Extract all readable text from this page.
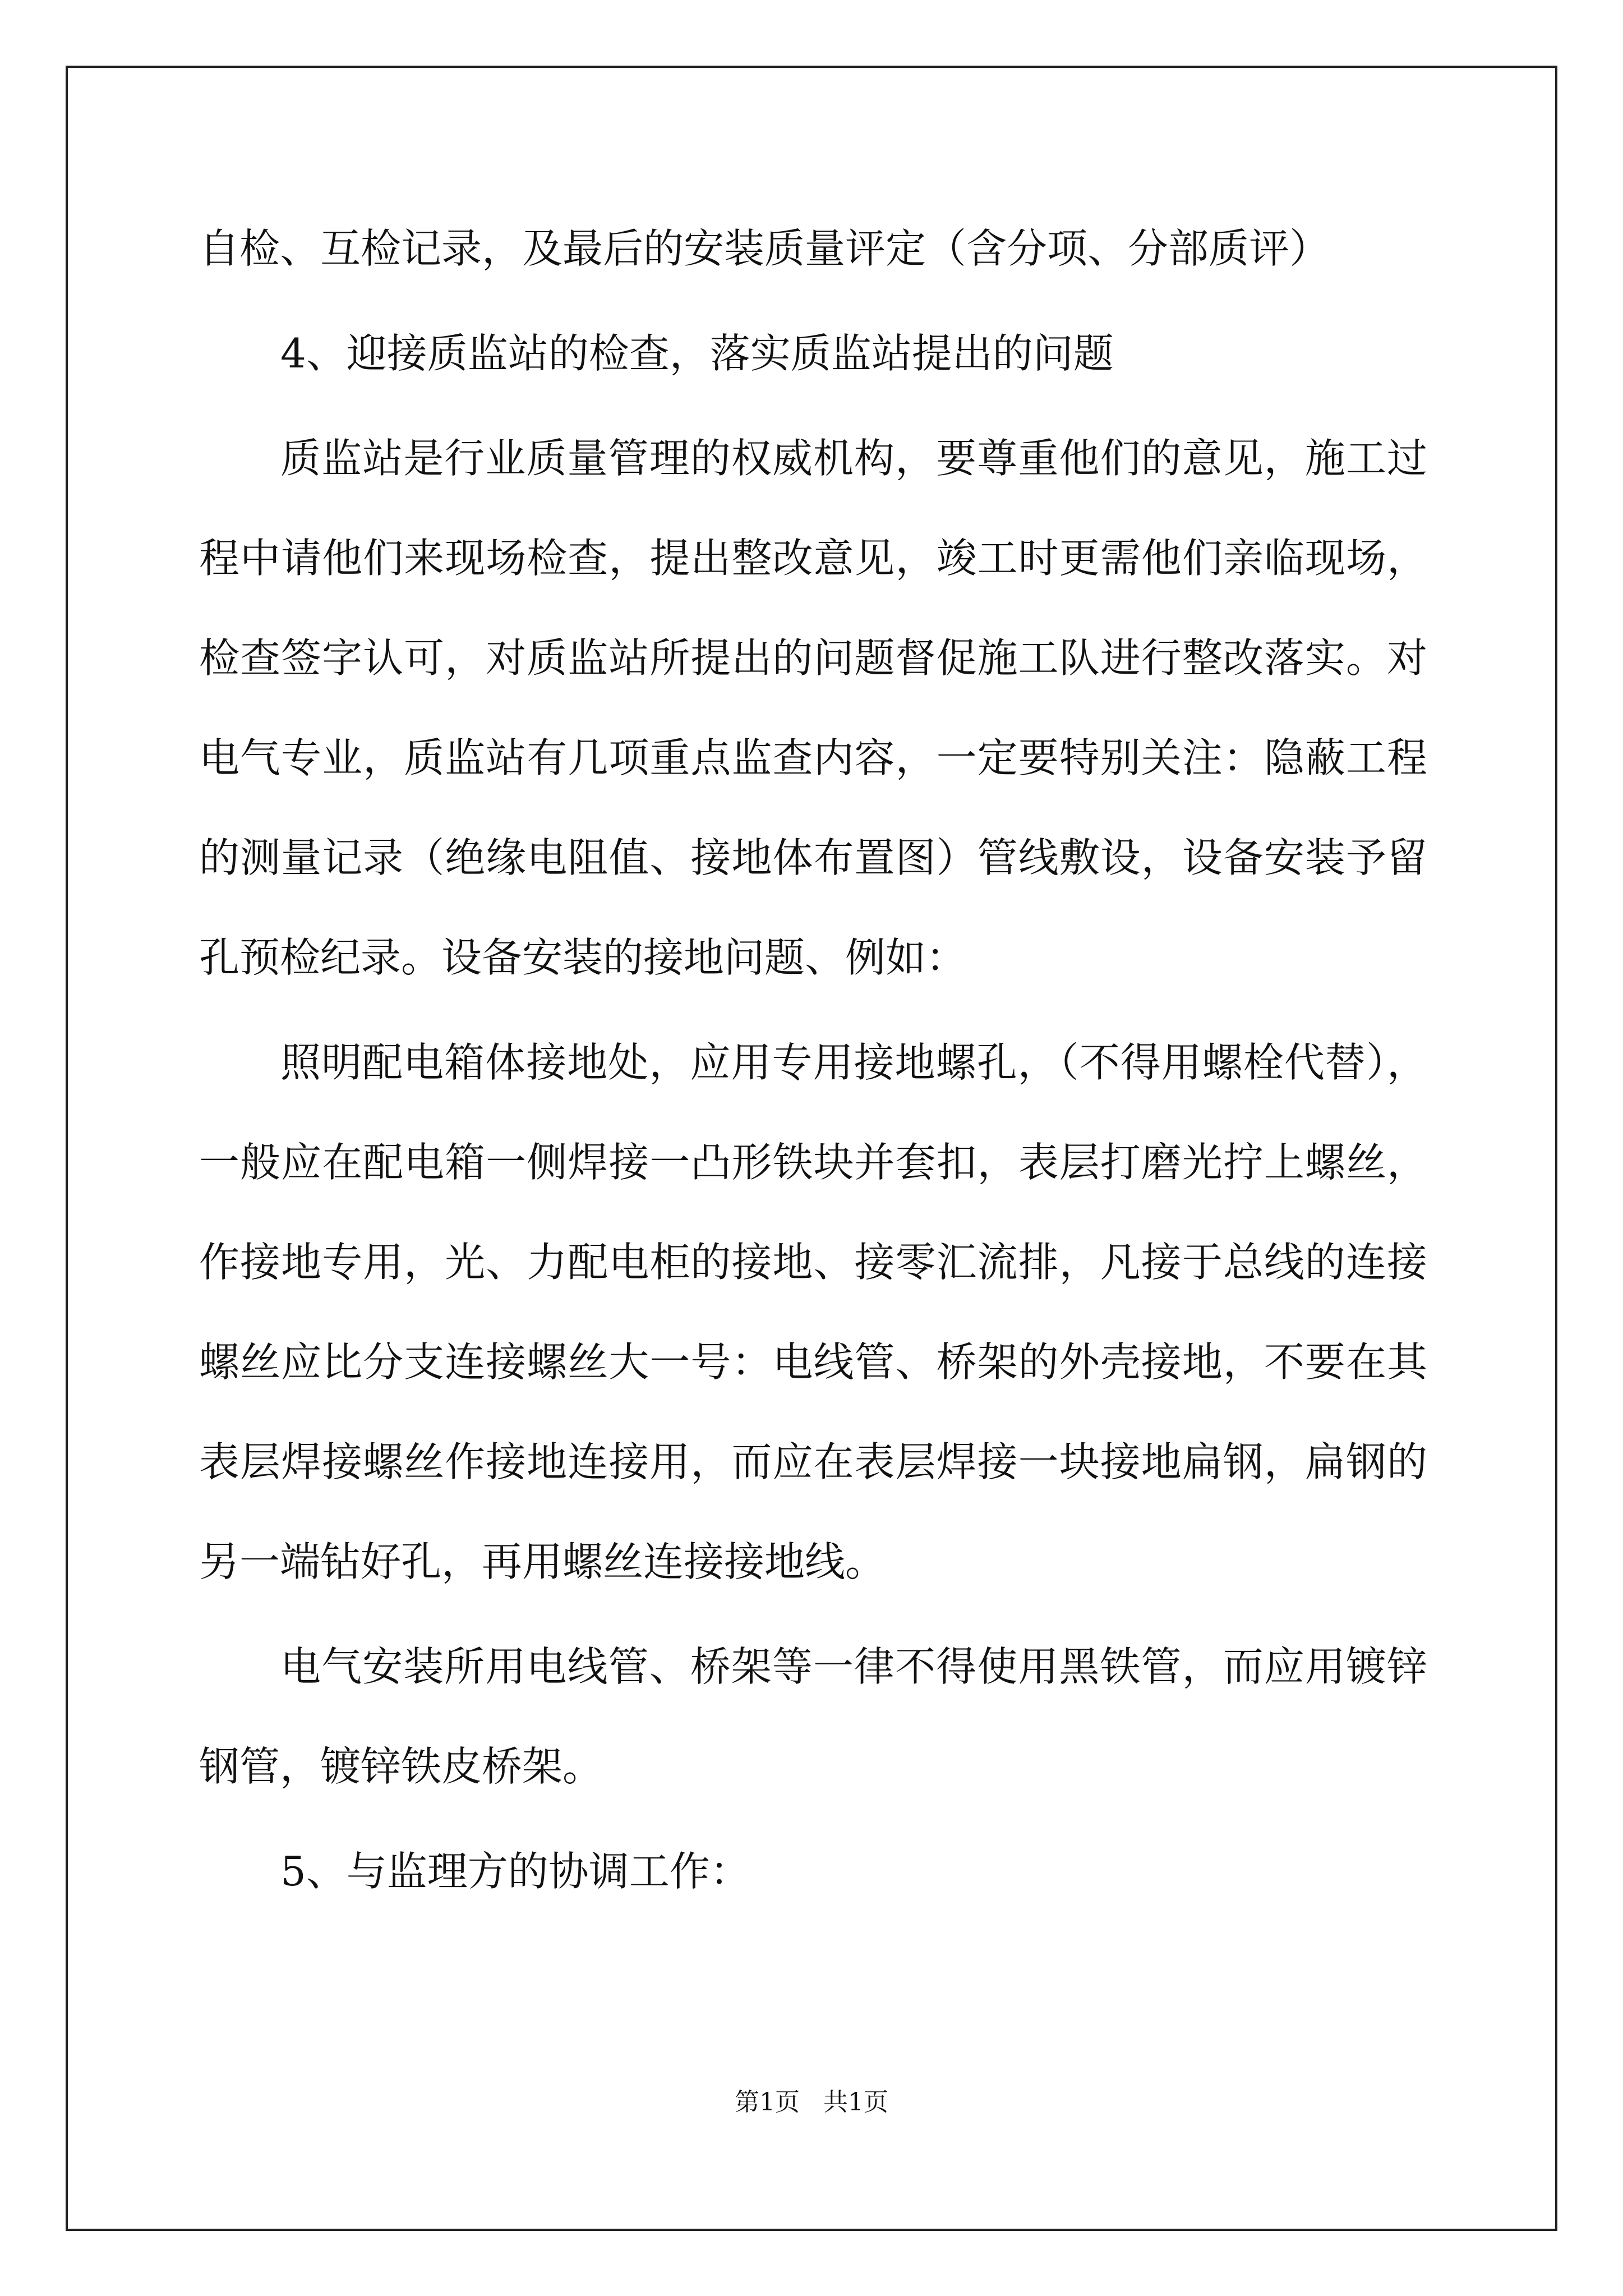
自检、互检记录，及最后的安装质量评定（含分项、分部质评）
4、迎接质监站的检查，落实质监站提出的问题
质监站是行业质量管理的权威机构，要尊重他们的意见，施工过
程中请他们来现场检查，提出整改意见，竣工时更需他们亲临现场，
检查签字认可，对质监站所提出的问题督促施工队进行整改落实。对
电气专业，质监站有几项重点监查内容，一定要特别关注：隐蔽工程
的测量记录（绝缘电阻值、接地体布置图）管线敷设，设备安装予留
孔预检纪录。设备安装的接地问题、例如：
照明配电箱体接地处，应用专用接地螺孔，（不得用螺栓代替），
一般应在配电箱一侧焊接一凸形铁块并套扣，表层打磨光拧上螺丝，
作接地专用，光、力配电柜的接地、接零汇流排，凡接于总线的连接
螺丝应比分支连接螺丝大一号：电线管、桥架的外壳接地，不要在其
表层焊接螺丝作接地连接用，而应在表层焊接一块接地扁钢，扁钢的
另一端钻好孔，再用螺丝连接接地线。
电气安装所用电线管、桥架等一律不得使用黑铁管，而应用镀锌
钢管，镀锌铁皮桥架。
5、与监理方的协调工作：
第1页   共1页
